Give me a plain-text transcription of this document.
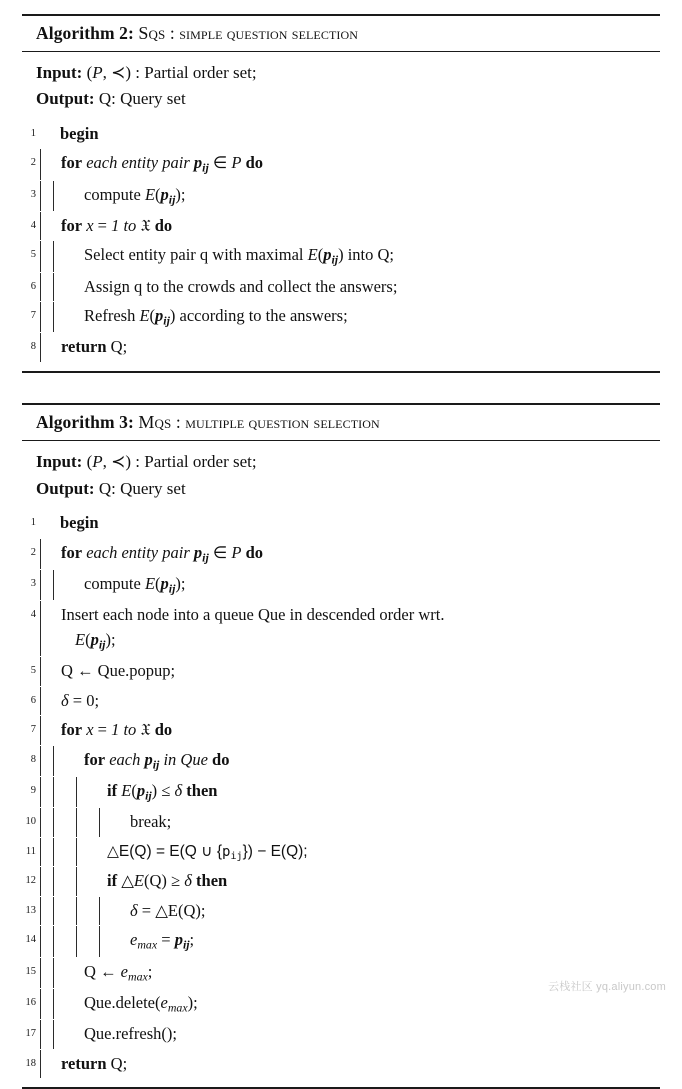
Algorithm 2: Sqs : simple question selection
Input: (P, ≺) : Partial order set;
Output: Q: Query set
1	begin
2	for each entity pair $p_{ij}$ ∈ P do
3	compute $E(p_{ij})$;
4	for x = 1 to 𝔛 do
5	Select entity pair q with maximal $E(p_{ij})$ into Q;
6	Assign q to the crowds and collect the answers;
7	Refresh $E(p_{ij})$ according to the answers;
8	return Q;
Algorithm 3: Mqs : multiple question selection
Input: (P, ≺) : Partial order set;
Output: Q: Query set
1	begin
2	for each entity pair $p_{ij}$ ∈ P do
3	compute $E(p_{ij})$;
4	Insert each node into a queue Que in descended order wrt.
$E(p_{ij})$;
5	Q ← Que.popup;
6	δ = 0;
7	for x = 1 to 𝔛 do
8	for each $p_{ij}$ in Que do
9	if $E(p_{ij}) \le \delta$ then
10	break;
11	△E(Q) = E(Q ∪ $\{p_{ij}\}) - E(Q)$;
12	if △E(Q) ≥ δ then
13	δ = △E(Q);
14	$e_{max} = p_{ij}$;
15	Q ← $e_{max}$;
16	$Que.delete(e_{max})$;
17	Que.refresh();
18	return Q;
云栈社区 yq.aliyun.com
